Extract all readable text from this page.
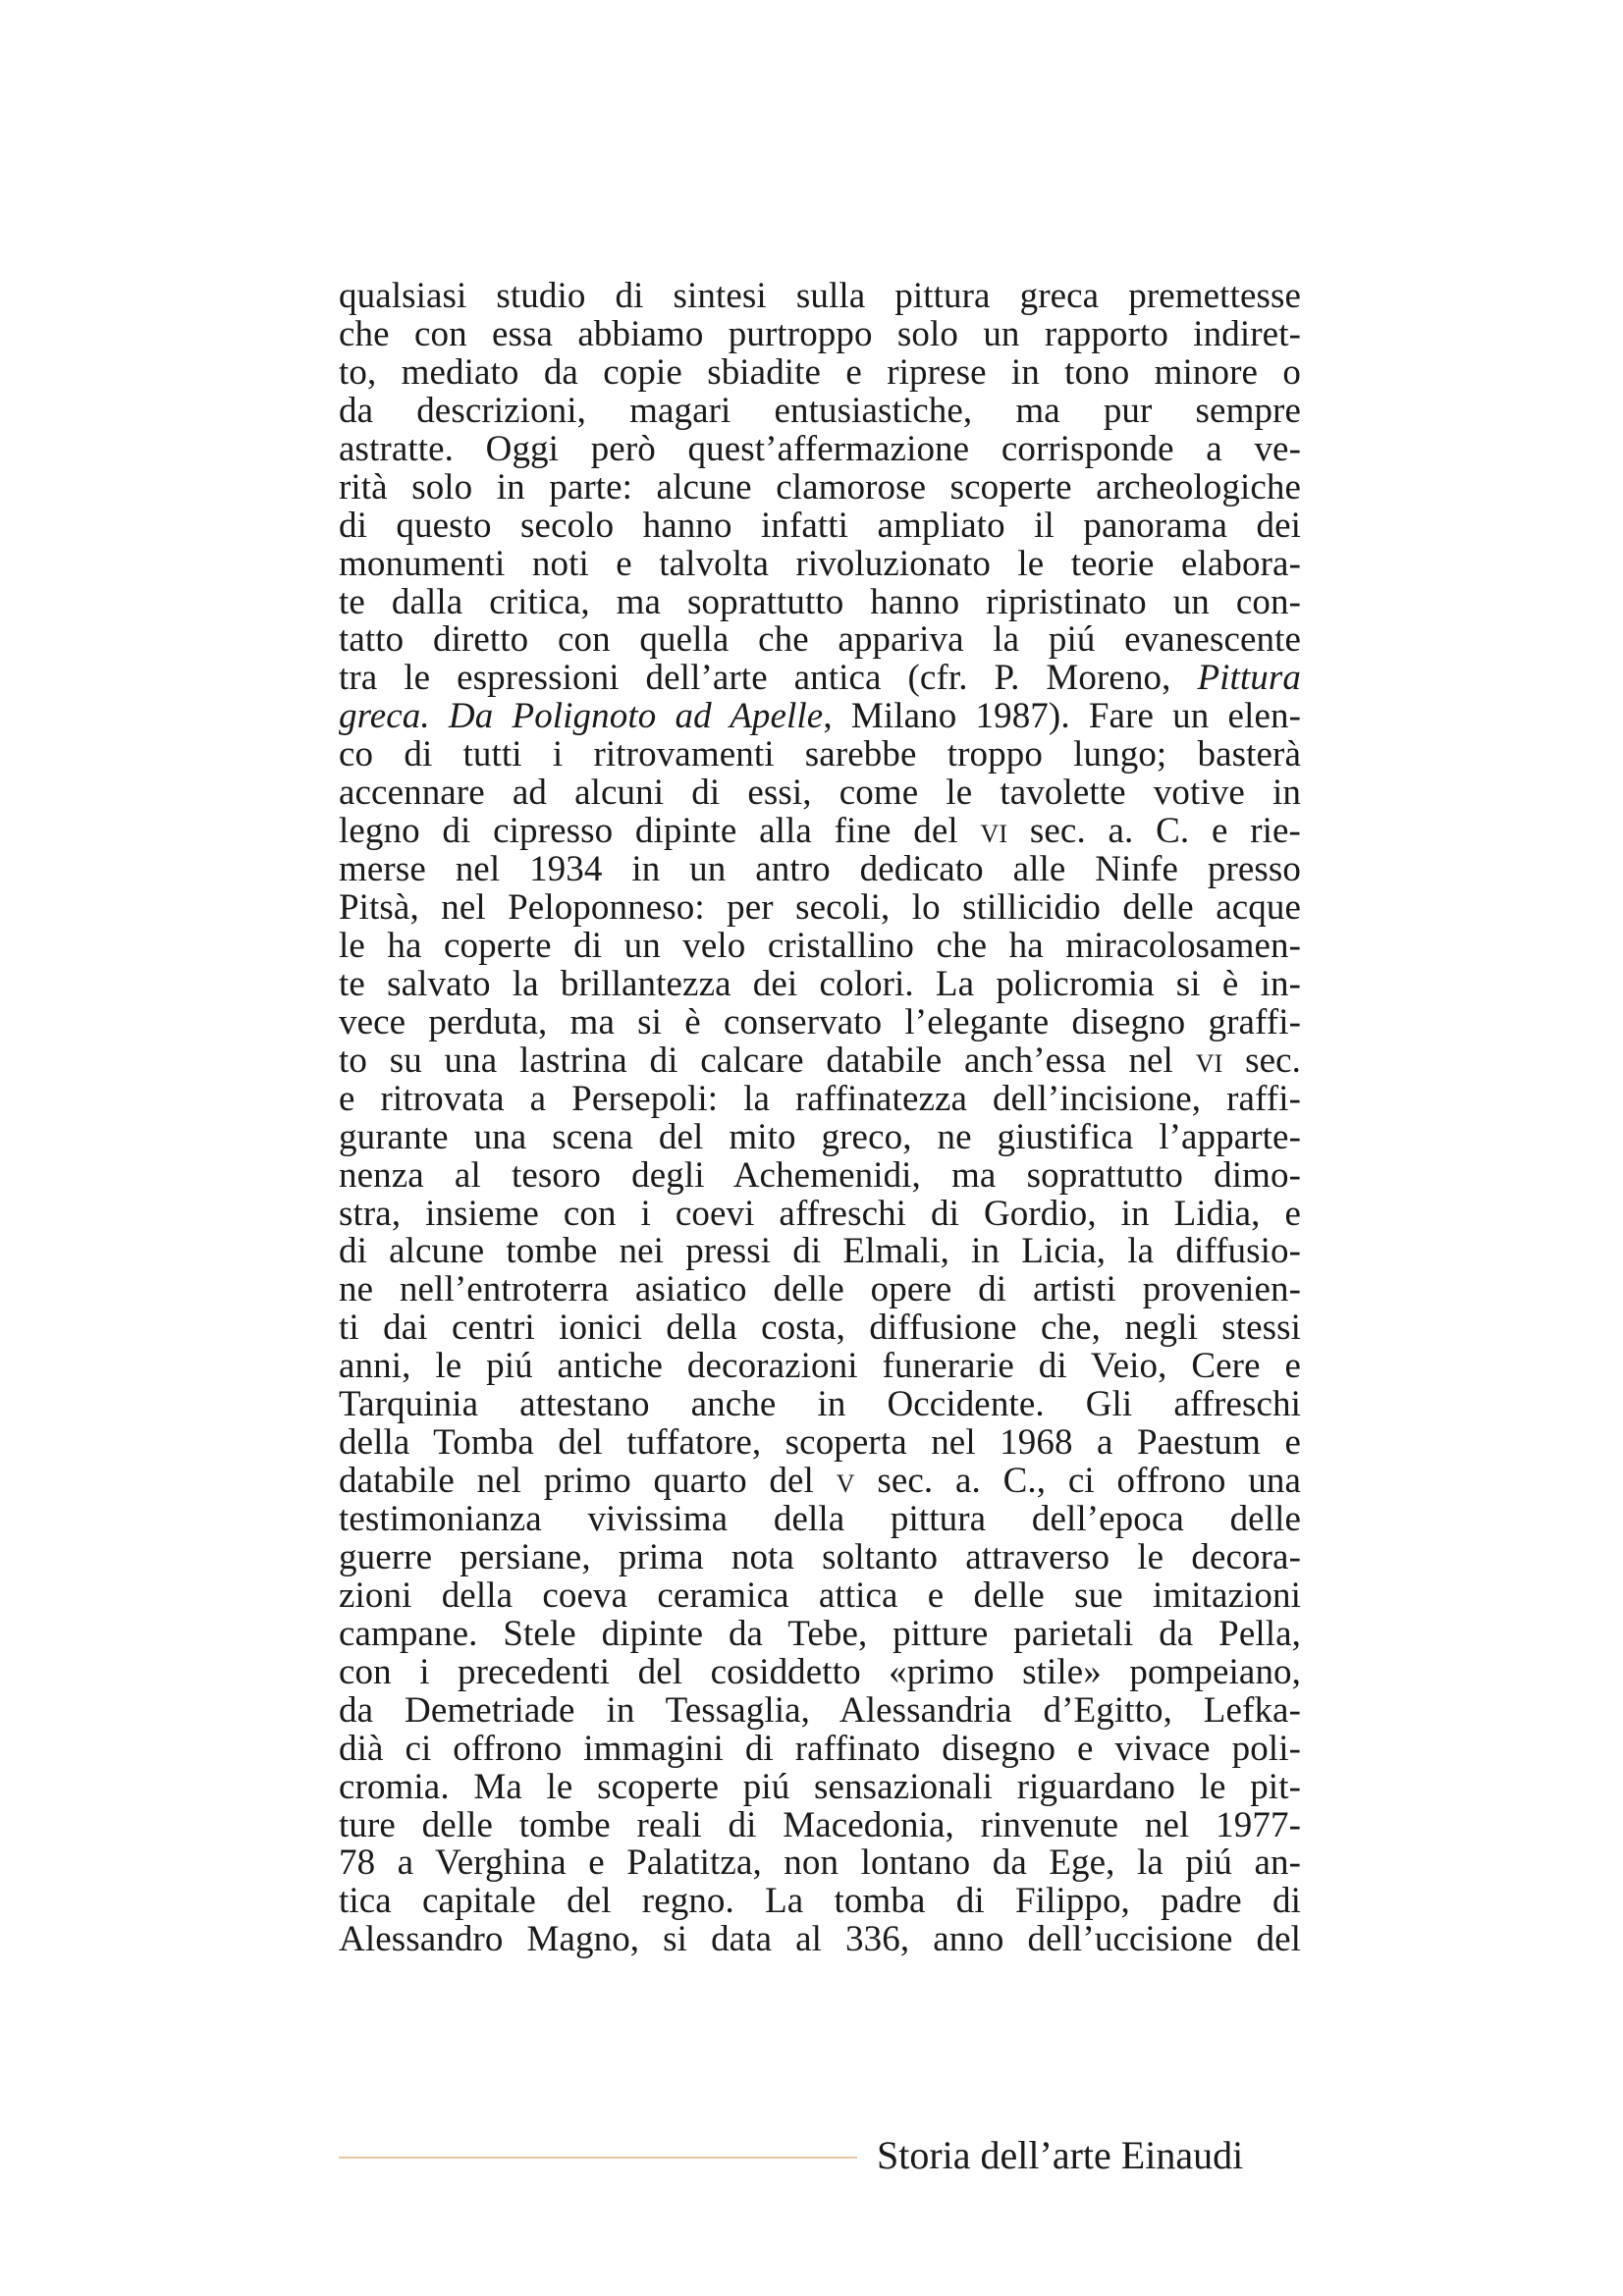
qualsiasi studio di sintesi sulla pittura greca premettesse
che con essa abbiamo purtroppo solo un rapporto indiret-
to, mediato da copie sbiadite e riprese in tono minore o
da descrizioni, magari entusiastiche, ma pur sempre
astratte. Oggi però quest’affermazione corrisponde a ve-
rità solo in parte: alcune clamorose scoperte archeologiche
di questo secolo hanno infatti ampliato il panorama dei
monumenti noti e talvolta rivoluzionato le teorie elabora-
te dalla critica, ma soprattutto hanno ripristinato un con-
tatto diretto con quella che appariva la piú evanescente
tra le espressioni dell’arte antica (cfr. P. Moreno, Pittura
greca. Da Polignoto ad Apelle, Milano 1987). Fare un elen-
co di tutti i ritrovamenti sarebbe troppo lungo; basterà
accennare ad alcuni di essi, come le tavolette votive in
legno di cipresso dipinte alla fine del vi sec. a. C. e rie-
merse nel 1934 in un antro dedicato alle Ninfe presso
Pitsà, nel Peloponneso: per secoli, lo stillicidio delle acque
le ha coperte di un velo cristallino che ha miracolosamen-
te salvato la brillantezza dei colori. La policromia si è in-
vece perduta, ma si è conservato l’elegante disegno graffi-
to su una lastrina di calcare databile anch’essa nel vi sec.
e ritrovata a Persepoli: la raffinatezza dell’incisione, raffi-
gurante una scena del mito greco, ne giustifica l’apparte-
nenza al tesoro degli Achemenidi, ma soprattutto dimo-
stra, insieme con i coevi affreschi di Gordio, in Lidia, e
di alcune tombe nei pressi di Elmali, in Licia, la diffusio-
ne nell’entroterra asiatico delle opere di artisti provenien-
ti dai centri ionici della costa, diffusione che, negli stessi
anni, le piú antiche decorazioni funerarie di Veio, Cere e
Tarquinia attestano anche in Occidente. Gli affreschi
della Tomba del tuffatore, scoperta nel 1968 a Paestum e
databile nel primo quarto del v sec. a. C., ci offrono una
testimonianza vivissima della pittura dell’epoca delle
guerre persiane, prima nota soltanto attraverso le decora-
zioni della coeva ceramica attica e delle sue imitazioni
campane. Stele dipinte da Tebe, pitture parietali da Pella,
con i precedenti del cosiddetto «primo stile» pompeiano,
da Demetriade in Tessaglia, Alessandria d’Egitto, Lefka-
dià ci offrono immagini di raffinato disegno e vivace poli-
cromia. Ma le scoperte piú sensazionali riguardano le pit-
ture delle tombe reali di Macedonia, rinvenute nel 1977-
78 a Verghina e Palatitza, non lontano da Ege, la piú an-
tica capitale del regno. La tomba di Filippo, padre di
Alessandro Magno, si data al 336, anno dell’uccisione del
Storia dell’arte Einaudi
